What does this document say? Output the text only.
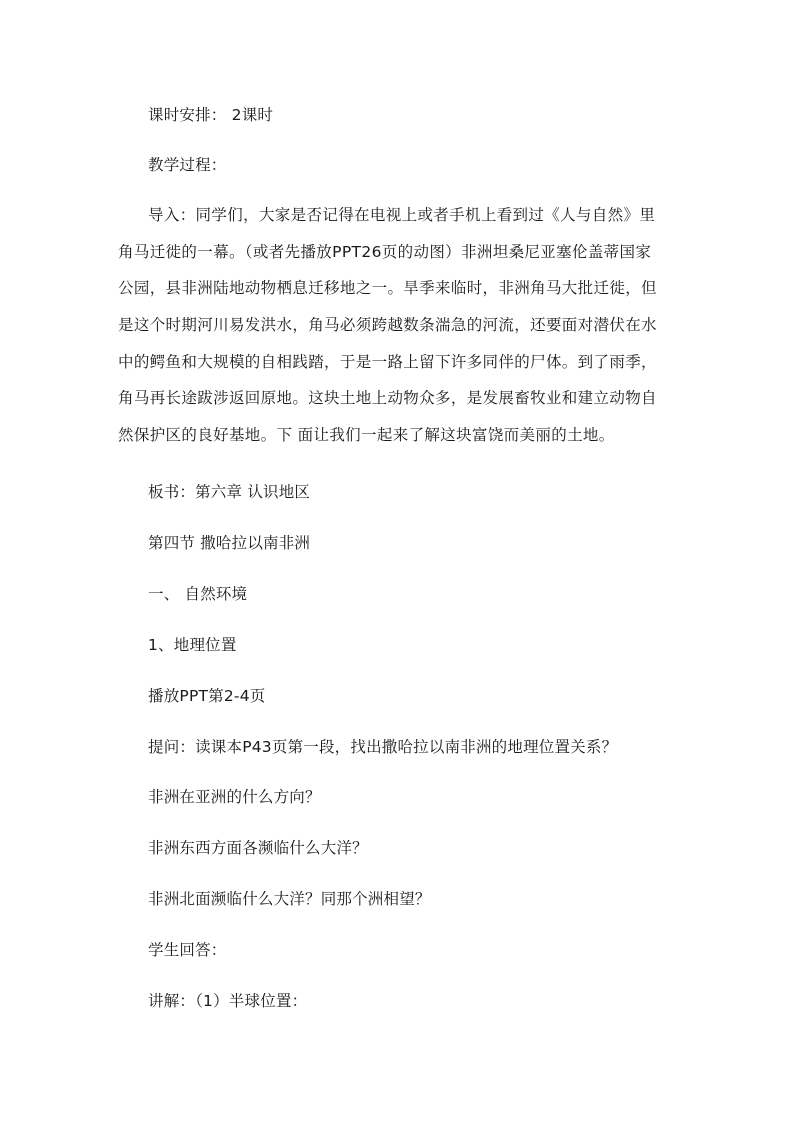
课时安排： 2课时
教学过程：
导入：同学们，大家是否记得在电视上或者手机上看到过《人与自然》里
角马迁徙的一幕。（或者先播放PPT26页的动图）非洲坦桑尼亚塞伦盖蒂国家
公园，县非洲陆地动物栖息迁移地之一。旱季来临时，非洲角马大批迁徙，但
是这个时期河川易发洪水，角马必须跨越数条湍急的河流，还要面对潜伏在水
中的鳄鱼和大规模的自相践踏，于是一路上留下许多同伴的尸体。到了雨季，
角马再长途跋涉返回原地。这块土地上动物众多，是发展畜牧业和建立动物自
然保护区的良好基地。下 面让我们一起来了解这块富饶而美丽的土地。
板书：第六章 认识地区
第四节 撒哈拉以南非洲
一、 自然环境
1、地理位置
播放PPT第2-4页
提问：读课本P43页第一段，找出撒哈拉以南非洲的地理位置关系？
非洲在亚洲的什么方向？
非洲东西方面各濒临什么大洋？
非洲北面濒临什么大洋？同那个洲相望？
学生回答：
讲解：（1）半球位置：
